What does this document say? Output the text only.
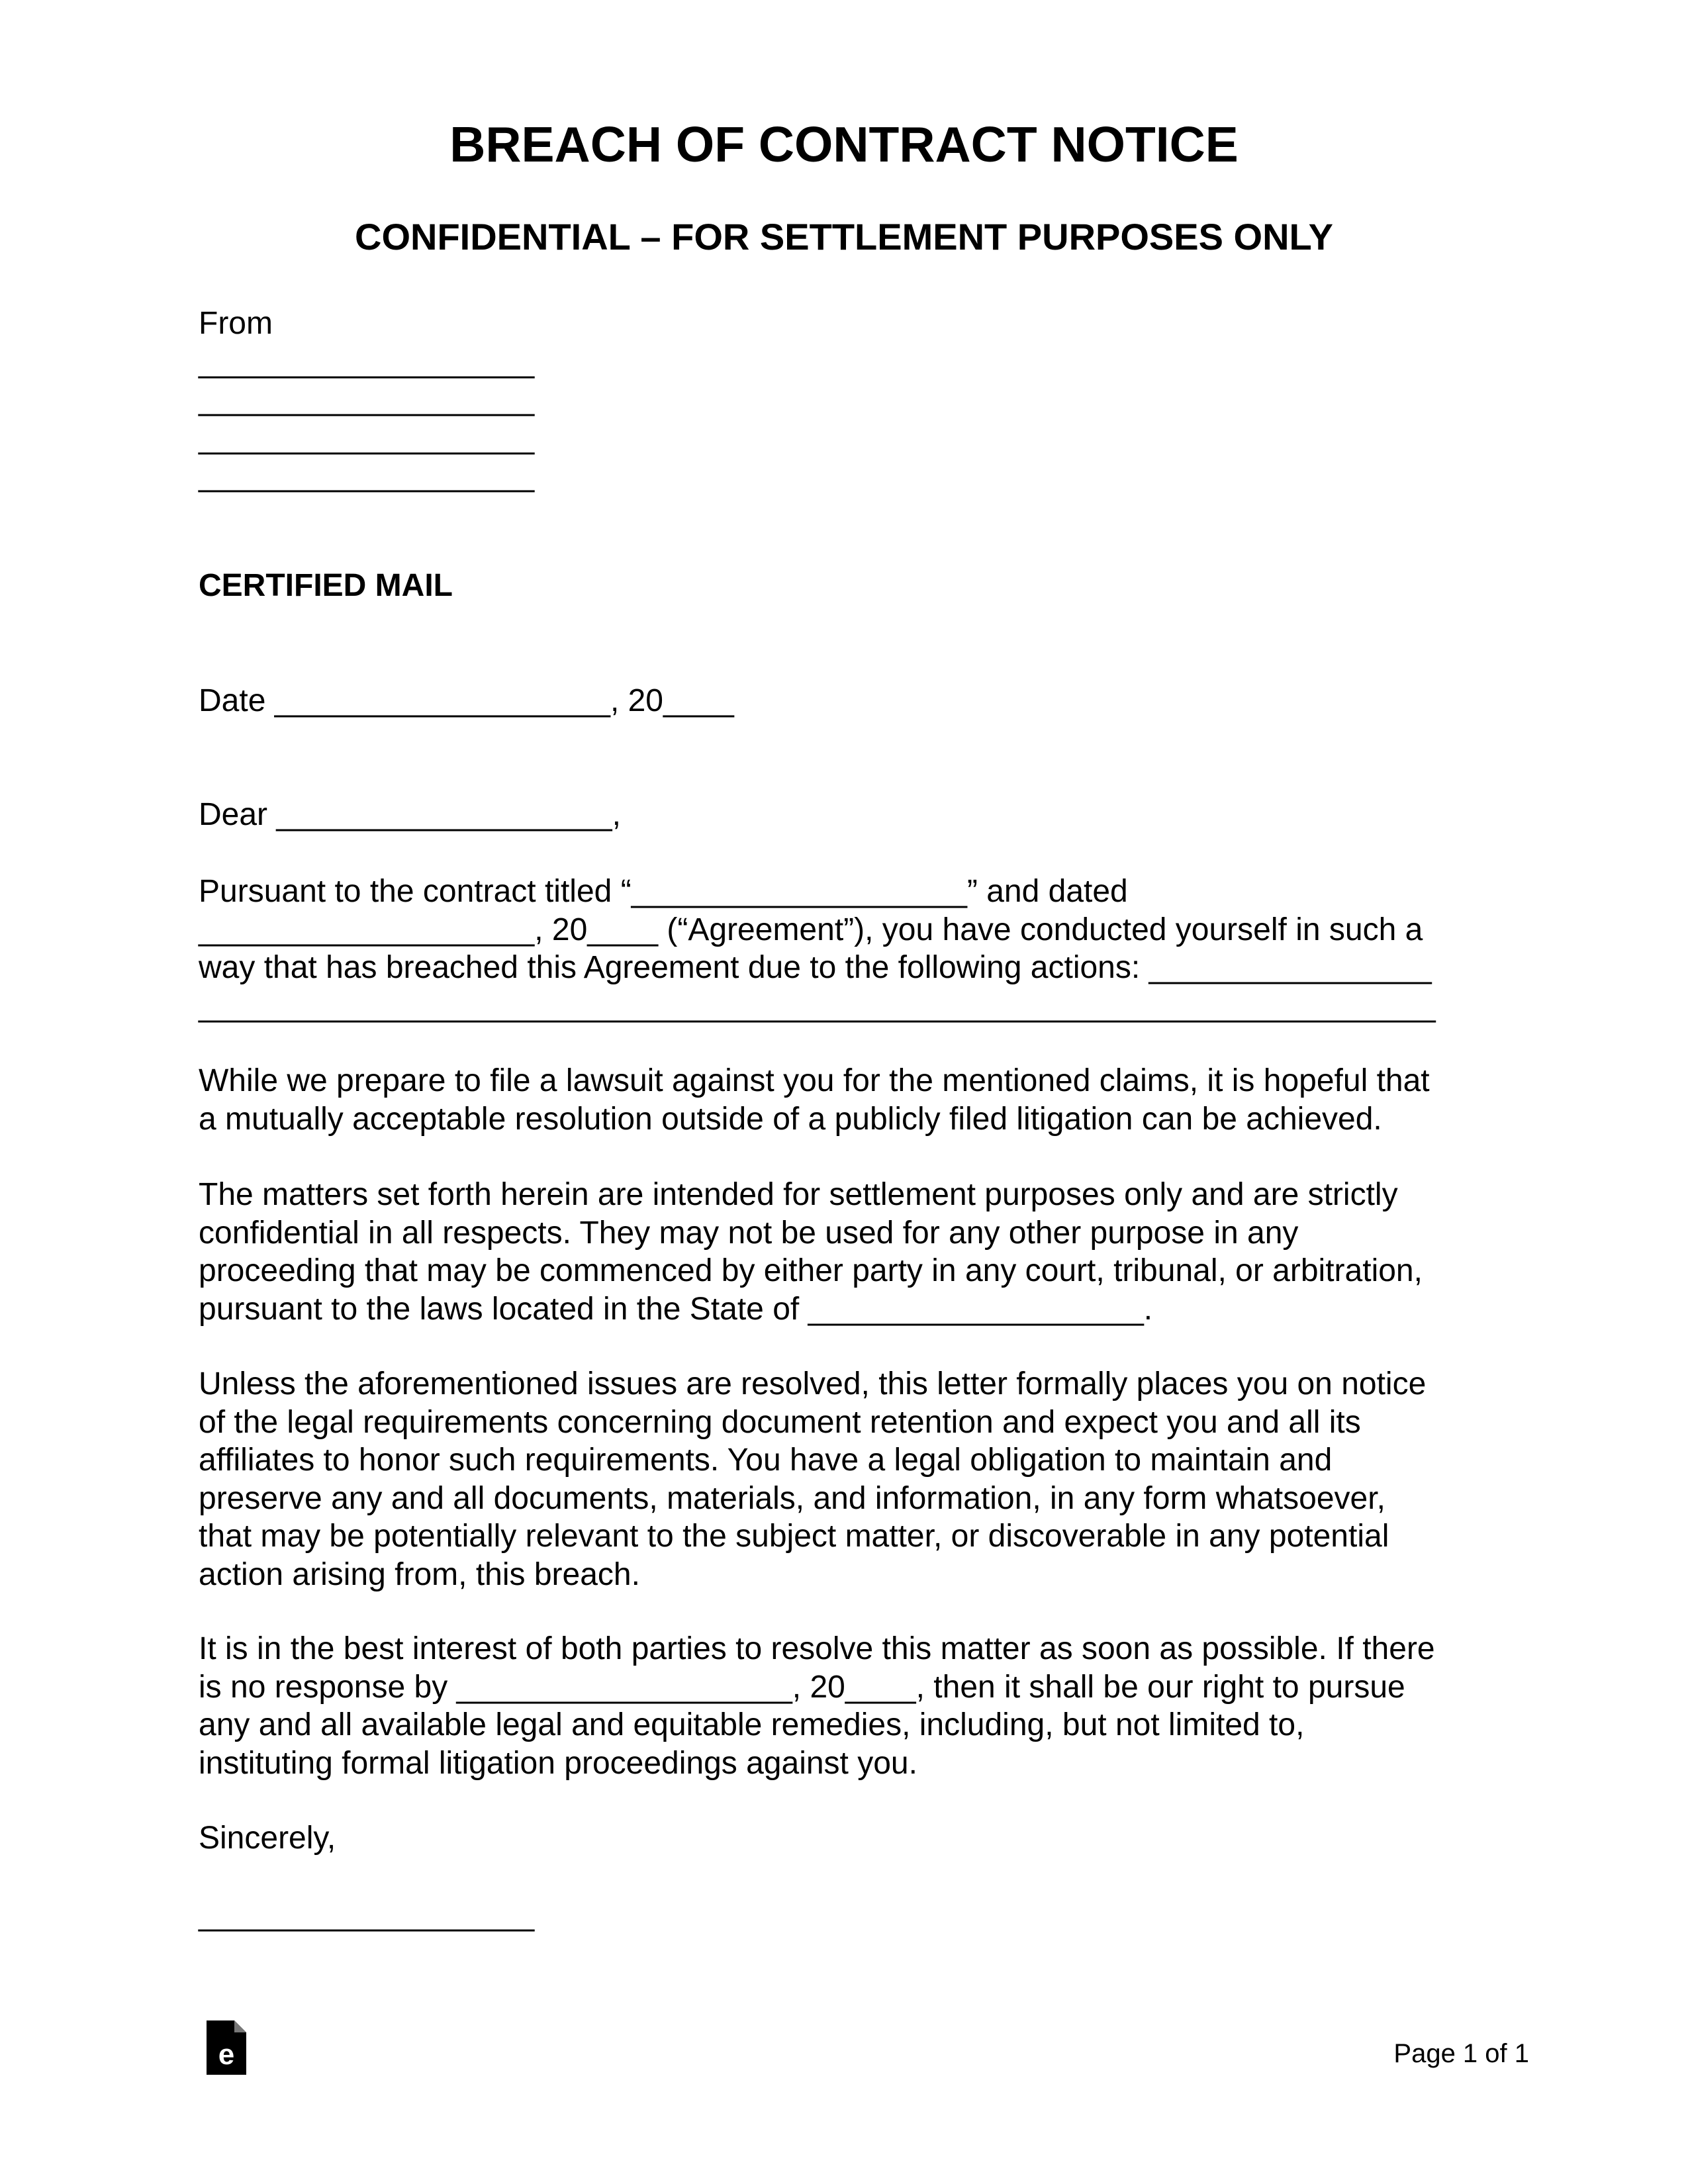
BREACH OF CONTRACT NOTICE
CONFIDENTIAL – FOR SETTLEMENT PURPOSES ONLY
From
___________________
___________________
___________________
___________________
CERTIFIED MAIL
Date ___________________, 20____
Dear ___________________,
Pursuant to the contract titled “___________________” and dated
___________________, 20____ (“Agreement”), you have conducted yourself in such a
way that has breached this Agreement due to the following actions: ________________
______________________________________________________________________
While we prepare to file a lawsuit against you for the mentioned claims, it is hopeful that
a mutually acceptable resolution outside of a publicly filed litigation can be achieved.
The matters set forth herein are intended for settlement purposes only and are strictly
confidential in all respects. They may not be used for any other purpose in any
proceeding that may be commenced by either party in any court, tribunal, or arbitration,
pursuant to the laws located in the State of ___________________.
Unless the aforementioned issues are resolved, this letter formally places you on notice
of the legal requirements concerning document retention and expect you and all its
affiliates to honor such requirements. You have a legal obligation to maintain and
preserve any and all documents, materials, and information, in any form whatsoever,
that may be potentially relevant to the subject matter, or discoverable in any potential
action arising from, this breach.
It is in the best interest of both parties to resolve this matter as soon as possible. If there
is no response by ___________________, 20____, then it shall be our right to pursue
any and all available legal and equitable remedies, including, but not limited to,
instituting formal litigation proceedings against you.
Sincerely,
___________________
e	Page 1 of 1
